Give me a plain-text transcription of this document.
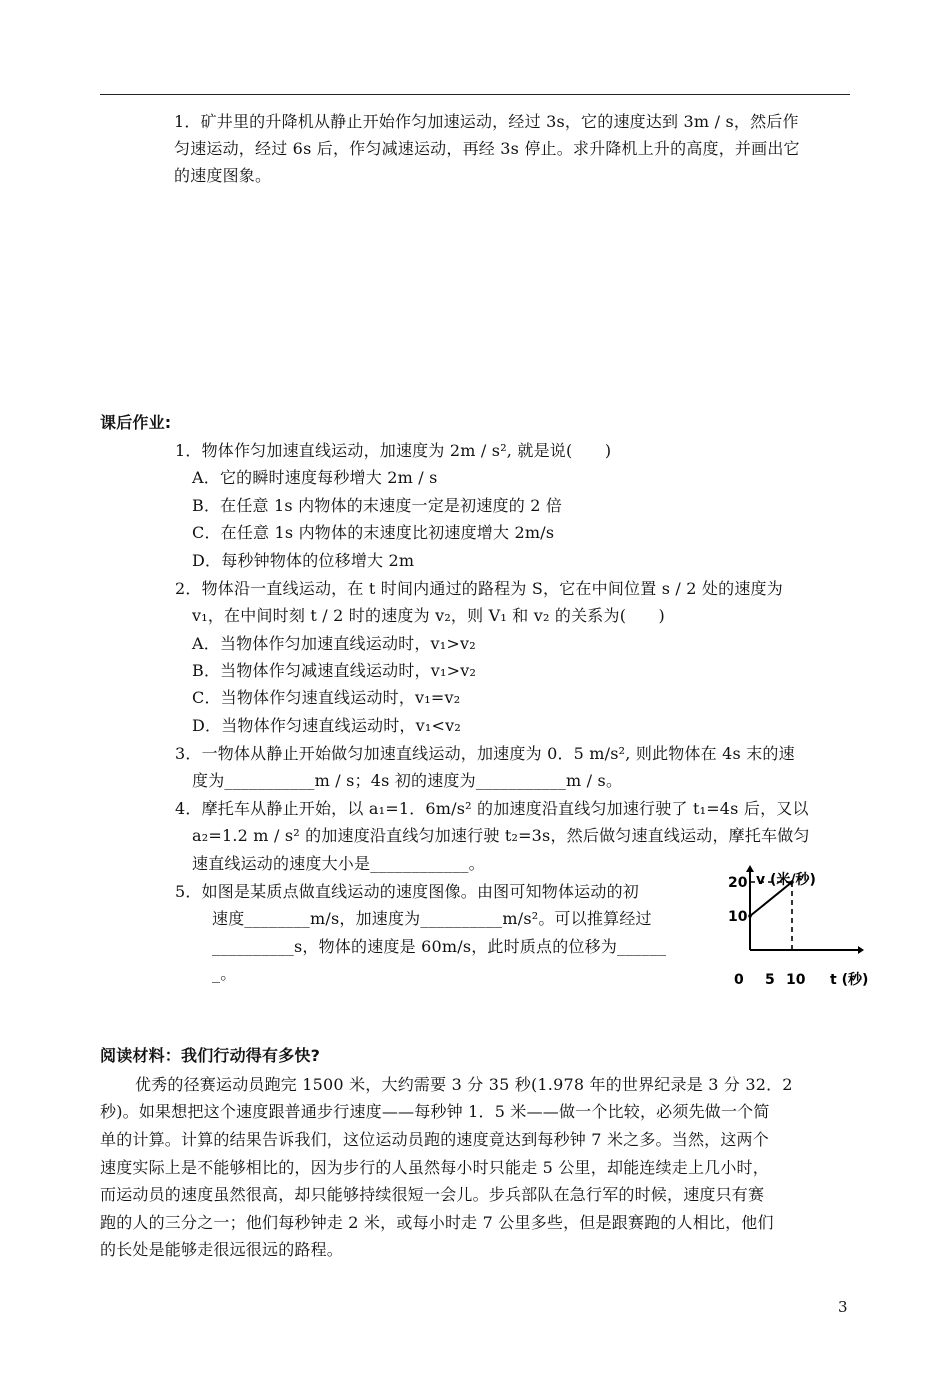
1．矿井里的升降机从静止开始作匀加速运动，经过 3s，它的速度达到 3m / s，然后作
匀速运动，经过 6s 后，作匀减速运动，再经 3s 停止。求升降机上升的高度，并画出它
的速度图象。
课后作业:
1．物体作匀加速直线运动，加速度为 2m / s², 就是说(　　)
A．它的瞬时速度每秒增大 2m / s
B．在任意 1s 内物体的末速度一定是初速度的 2 倍
C．在任意 1s 内物体的末速度比初速度增大 2m/s
D．每秒钟物体的位移增大 2m
2．物体沿一直线运动，在 t 时间内通过的路程为 S，它在中间位置 s / 2 处的速度为
v₁，在中间时刻 t / 2 时的速度为 v₂，则 V₁ 和 v₂ 的关系为(　　)
A．当物体作匀加速直线运动时，v₁>v₂
B．当物体作匀减速直线运动时，v₁>v₂
C．当物体作匀速直线运动时，v₁=v₂
D．当物体作匀速直线运动时，v₁<v₂
3．一物体从静止开始做匀加速直线运动，加速度为 0．5 m/s², 则此物体在 4s 末的速
度为___________m / s；4s 初的速度为___________m / s。
4．摩托车从静止开始，以 a₁=1．6m/s² 的加速度沿直线匀加速行驶了 t₁=4s 后，又以
a₂=1.2 m / s² 的加速度沿直线匀加速行驶 t₂=3s，然后做匀速直线运动，摩托车做匀
速直线运动的速度大小是____________。
5．如图是某质点做直线运动的速度图像。由图可知物体运动的初
速度________m/s，加速度为__________m/s²。可以推算经过
__________s，物体的速度是 60m/s，此时质点的位移为______
_。
10
20
0 5 10
v (米/秒)
t (秒)
阅读材料：我们行动得有多快?
优秀的径赛运动员跑完 1500 米，大约需要 3 分 35 秒(1.978 年的世界纪录是 3 分 32．2
秒)。如果想把这个速度跟普通步行速度——每秒钟 1．5 米——做一个比较，必须先做一个简
单的计算。计算的结果告诉我们，这位运动员跑的速度竟达到每秒钟 7 米之多。当然，这两个
速度实际上是不能够相比的，因为步行的人虽然每小时只能走 5 公里，却能连续走上几小时，
而运动员的速度虽然很高，却只能够持续很短一会儿。步兵部队在急行军的时候，速度只有赛
跑的人的三分之一；他们每秒钟走 2 米，或每小时走 7 公里多些，但是跟赛跑的人相比，他们
的长处是能够走很远很远的路程。
3
